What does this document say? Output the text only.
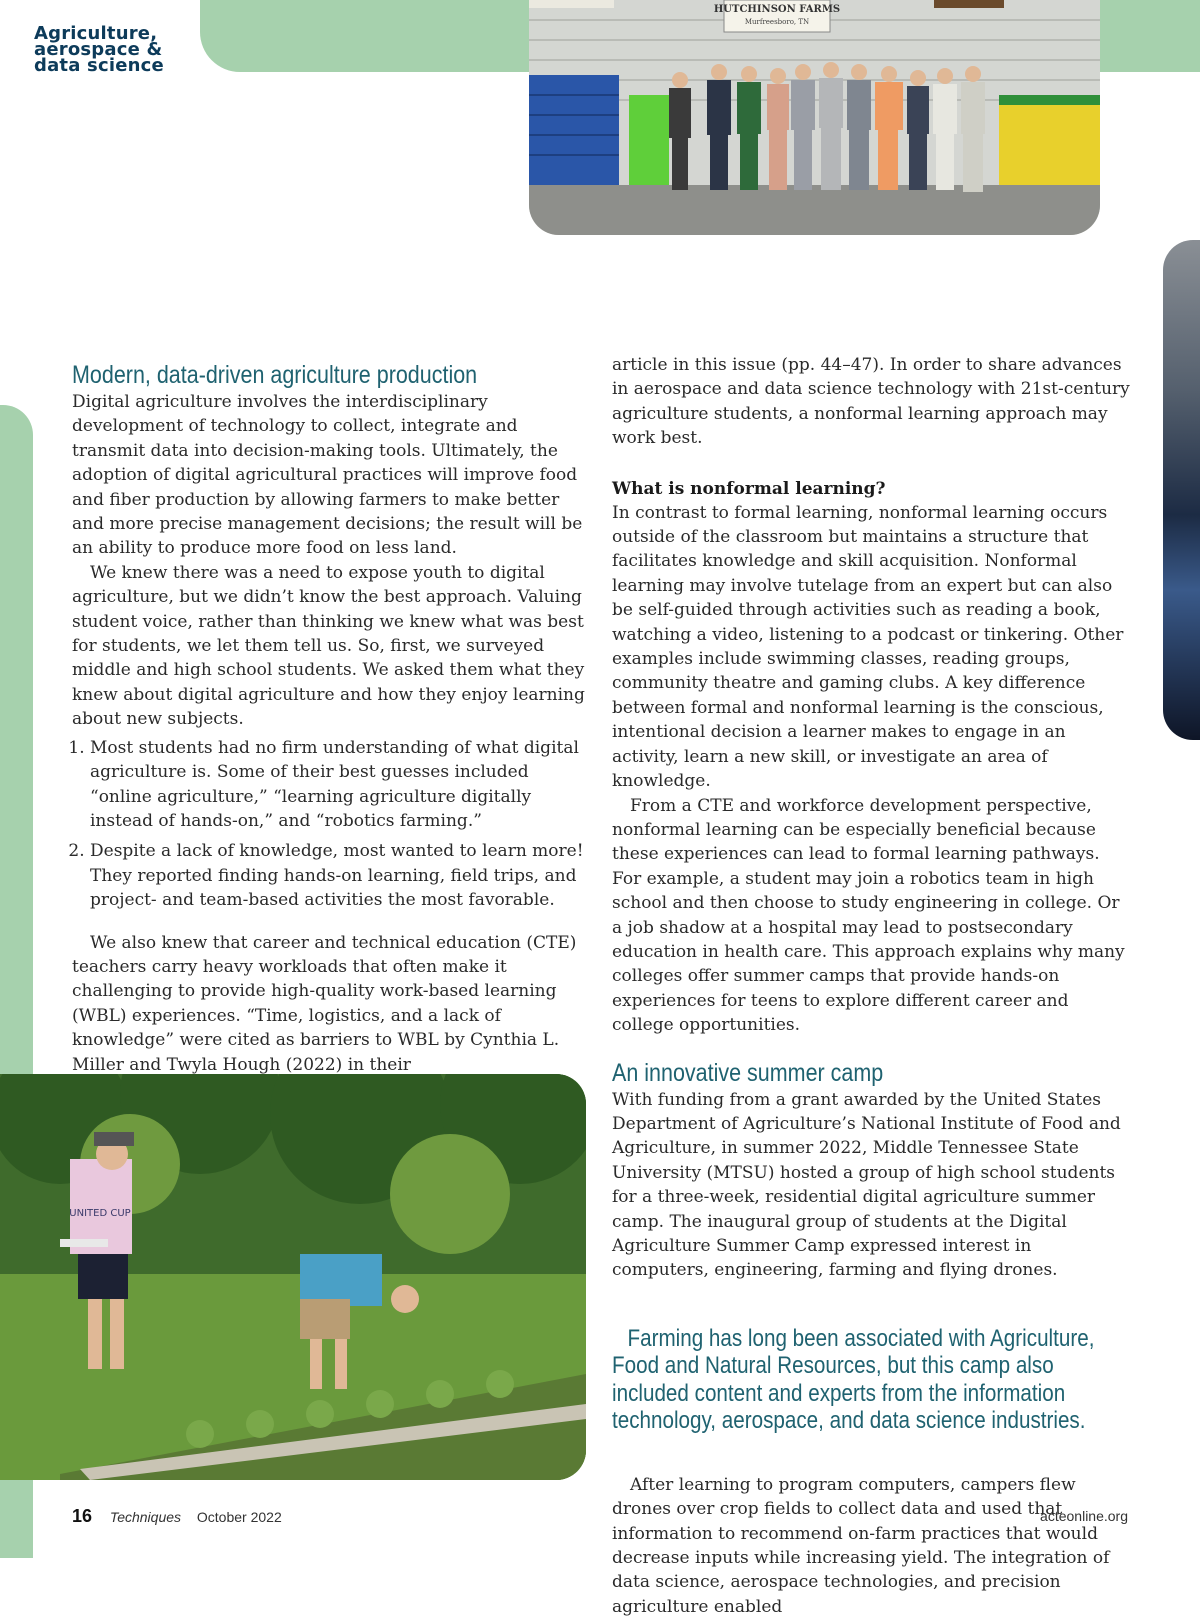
Agriculture, aerospace & data science
HUTCHINSON FARMS
Murfreesboro, TN
UNITED CUP
Modern, data-driven agriculture production

Digital agriculture involves the interdisciplinary development of technology to collect, integrate and transmit data into decision-making tools. Ultimately, the adoption of digital agricultural practices will improve food and fiber production by allowing farmers to make better and more precise management decisions; the result will be an ability to produce more food on less land.

We knew there was a need to expose youth to digital agriculture, but we didn’t know the best approach. Valuing student voice, rather than thinking we knew what was best for students, we let them tell us. So, first, we surveyed middle and high school students. We asked them what they knew about digital agriculture and how they enjoy learning about new subjects.

1. Most students had no firm understanding of what digital agriculture is. Some of their best guesses included “online agriculture,” “learning agriculture digitally instead of hands-on,” and “robotics farming.”
2. Despite a lack of knowledge, most wanted to learn more! They reported finding hands-on learning, field trips, and project- and team-based activities the most favorable.

We also knew that career and technical education (CTE) teachers carry heavy workloads that often make it challenging to provide high-quality work-based learning (WBL) experiences. “Time, logistics, and a lack of knowledge” were cited as barriers to WBL by Cynthia L. Miller and Twyla Hough (2022) in their

article in this issue (pp. 44–47). In order to share advances in aerospace and data science technology with 21st-century agriculture students, a nonformal learning approach may work best.

What is nonformal learning?

In contrast to formal learning, nonformal learning occurs outside of the classroom but maintains a structure that facilitates knowledge and skill acquisition. Nonformal learning may involve tutelage from an expert but can also be self-guided through activities such as reading a book, watching a video, listening to a podcast or tinkering. Other examples include swimming classes, reading groups, community theatre and gaming clubs. A key difference between formal and nonformal learning is the conscious, intentional decision a learner makes to engage in an activity, learn a new skill, or investigate an area of knowledge.

From a CTE and workforce development perspective, nonformal learning can be especially beneficial because these experiences can lead to formal learning pathways. For example, a student may join a robotics team in high school and then choose to study engineering in college. Or a job shadow at a hospital may lead to postsecondary education in health care. This approach explains why many colleges offer summer camps that provide hands-on experiences for teens to explore different career and college opportunities.

An innovative summer camp

With funding from a grant awarded by the United States Department of Agriculture’s National Institute of Food and Agriculture, in summer 2022, Middle Tennessee State University (MTSU) hosted a group of high school students for a three-week, residential digital agriculture summer camp. The inaugural group of students at the Digital Agriculture Summer Camp expressed interest in computers, engineering, farming and flying drones.

Farming has long been associated with Agriculture, Food and Natural Resources, but this camp also included content and experts from the information technology, aerospace, and data science industries.

After learning to program computers, campers flew drones over crop fields to collect data and used that information to recommend on-farm practices that would decrease inputs while increasing yield. The integration of data science, aerospace technologies, and precision agriculture enabled

16 Techniques October 2022	acteonline.org
